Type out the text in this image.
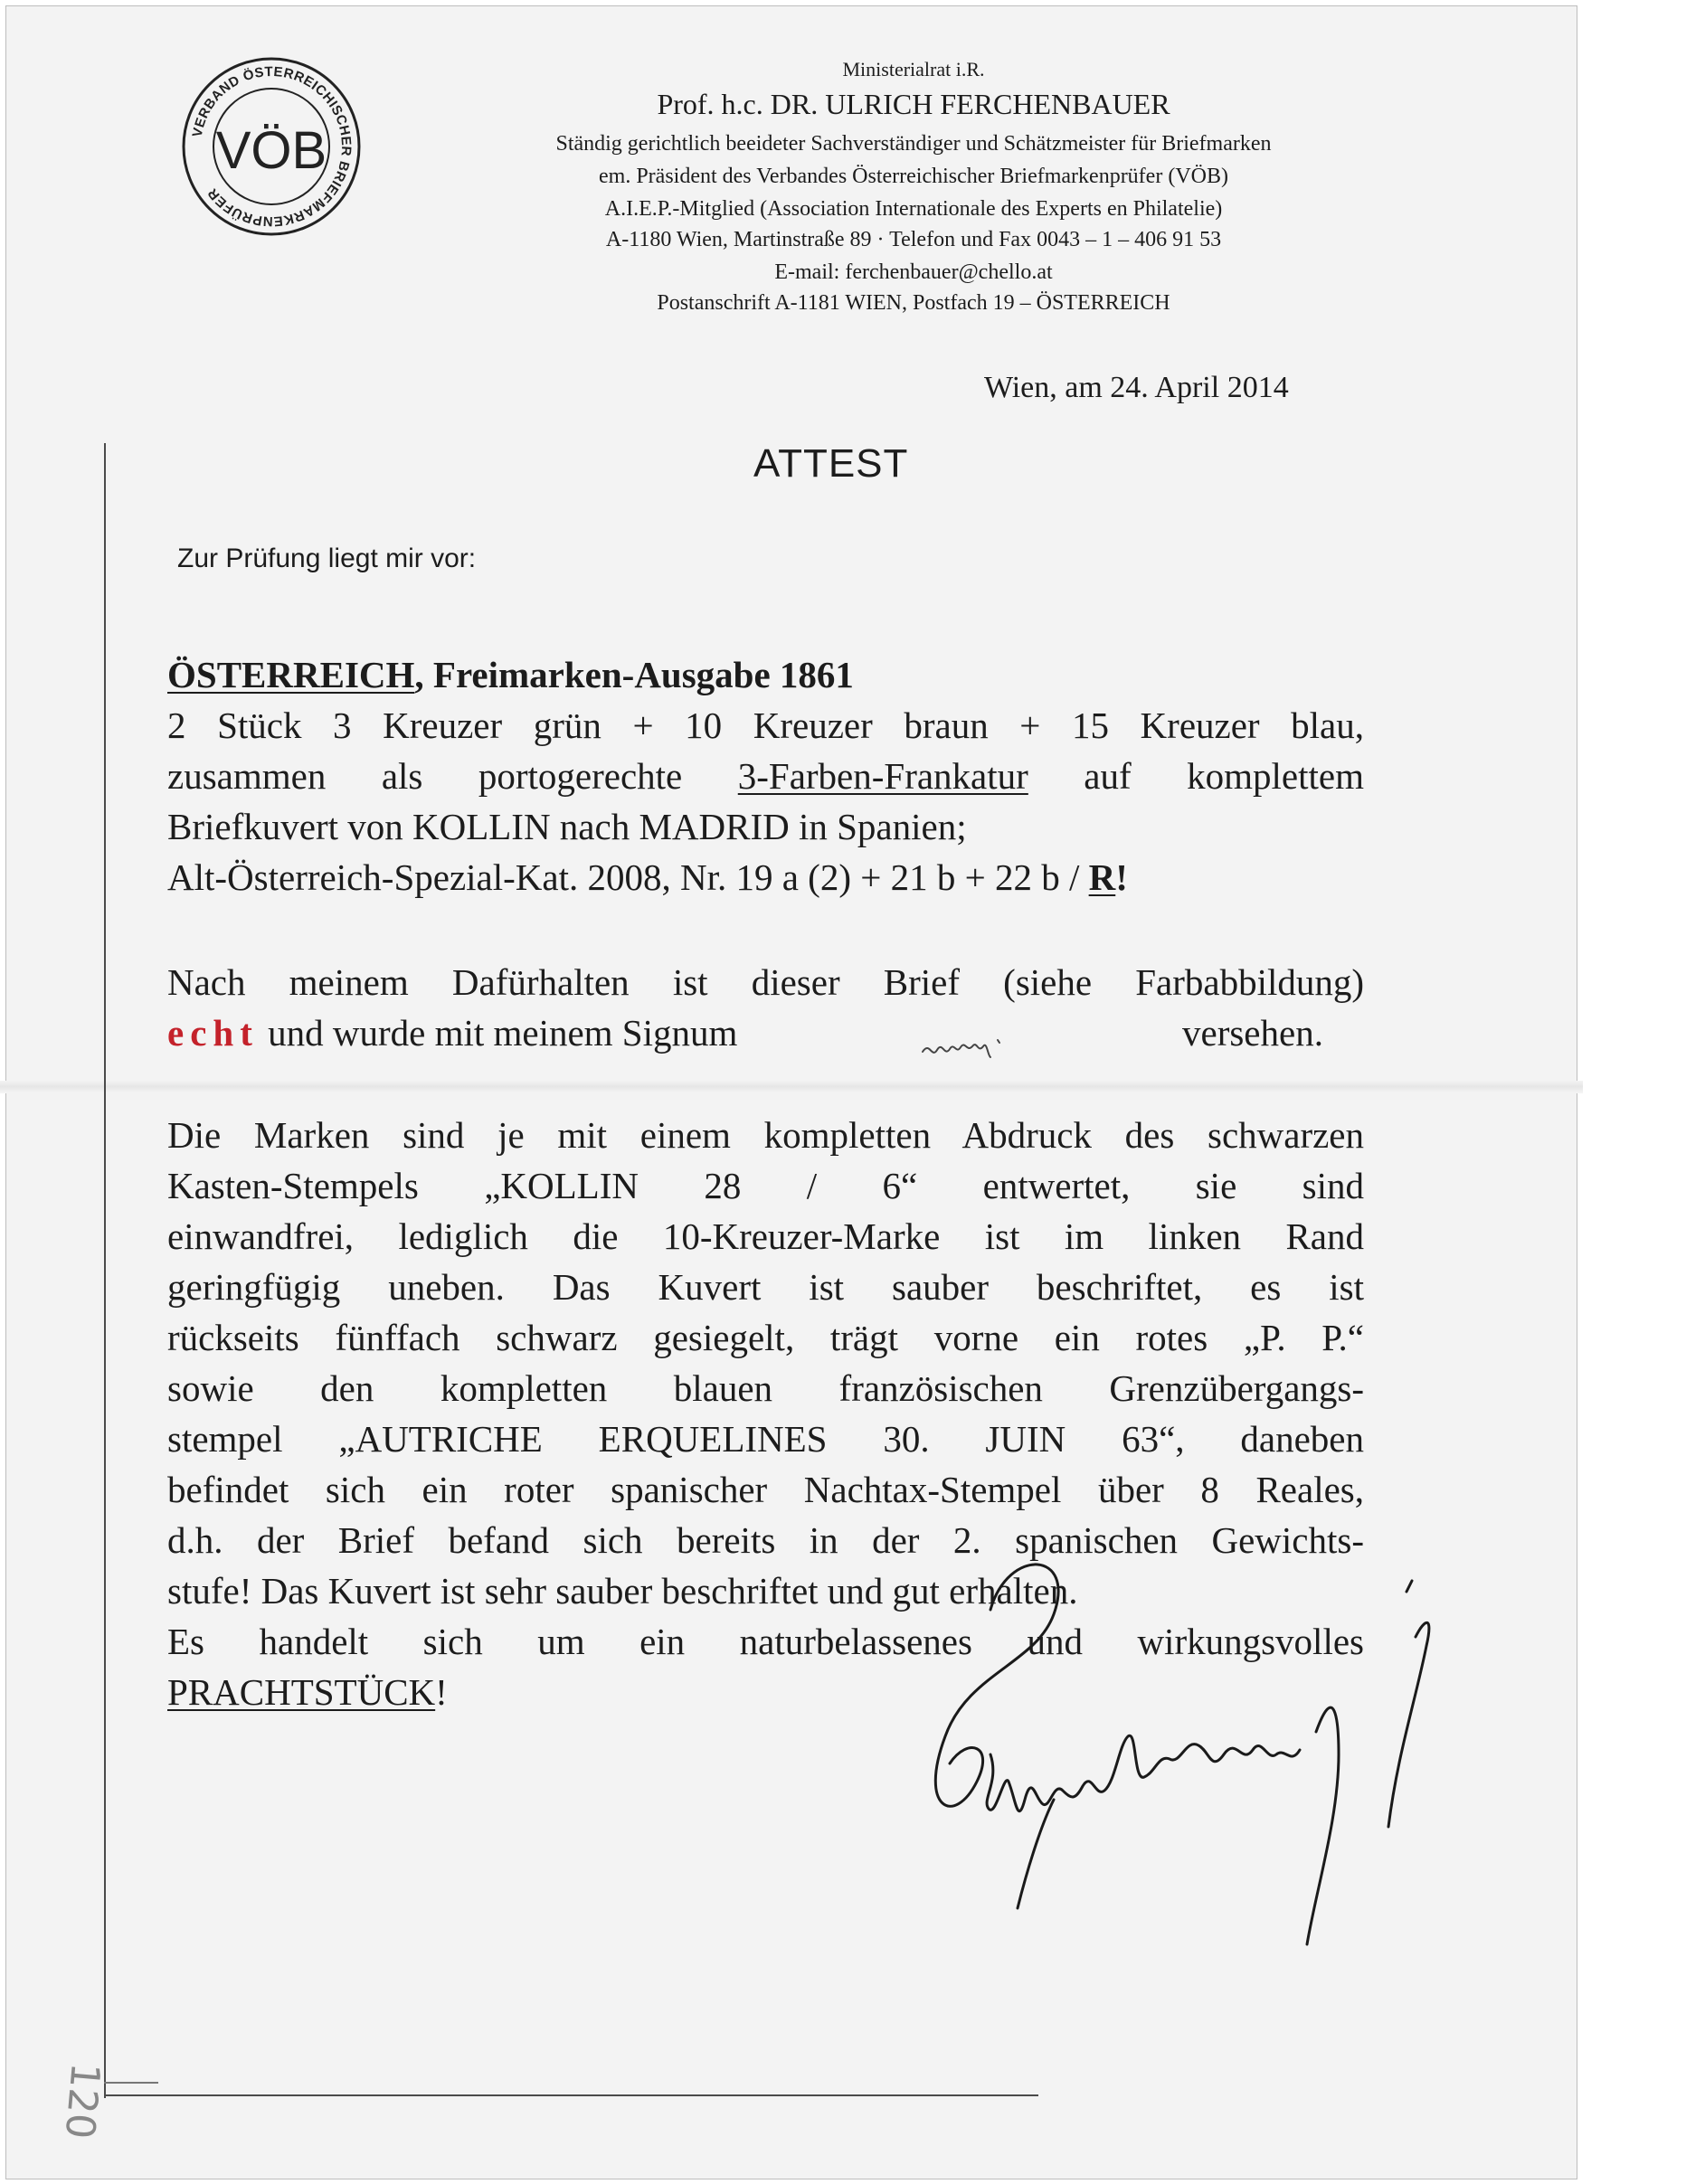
VERBAND ÖSTERREICHISCHER BRIEFMARKENPRÜFER
VÖB
Ministerialrat i.R.
Prof. h.c. DR. ULRICH FERCHENBAUER
Ständig gerichtlich beeideter Sachverständiger und Schätzmeister für Briefmarken
em. Präsident des Verbandes Österreichischer Briefmarkenprüfer (VÖB)
A.I.E.P.-Mitglied (Association Internationale des Experts en Philatelie)
A-1180 Wien, Martinstraße 89 · Telefon und Fax 0043 – 1 – 406 91 53
E-mail: ferchenbauer@chello.at
Postanschrift A-1181 WIEN, Postfach 19 – ÖSTERREICH
Wien, am 24. April 2014
ATTEST
Zur Prüfung liegt mir vor:
ÖSTERREICH, Freimarken-Ausgabe 1861
2 Stück 3 Kreuzer grün + 10 Kreuzer braun + 15 Kreuzer blau,
zusammen als portogerechte 3-Farben-Frankatur auf komplettem
Briefkuvert von KOLLIN nach MADRID in Spanien;
Alt-Österreich-Spezial-Kat. 2008, Nr. 19 a (2) + 21 b + 22 b / R!
Nach meinem Dafürhalten ist dieser Brief (siehe Farbabbildung)
echt und wurde mit meinem Signum	versehen.
Die Marken sind je mit einem kompletten Abdruck des schwarzen
Kasten-Stempels „KOLLIN 28 / 6“ entwertet, sie sind
einwandfrei, lediglich die 10-Kreuzer-Marke ist im linken Rand
geringfügig uneben. Das Kuvert ist sauber beschriftet, es ist
rückseits fünffach schwarz gesiegelt, trägt vorne ein rotes „P. P.“
sowie den kompletten blauen französischen Grenzübergangs-
stempel „AUTRICHE ERQUELINES 30. JUIN 63“, daneben
befindet sich ein roter spanischer Nachtax-Stempel über 8 Reales,
d.h. der Brief befand sich bereits in der 2. spanischen Gewichts-
stufe! Das Kuvert ist sehr sauber beschriftet und gut erhalten.
Es handelt sich um ein naturbelassenes und wirkungsvolles
PRACHTSTÜCK!
120
